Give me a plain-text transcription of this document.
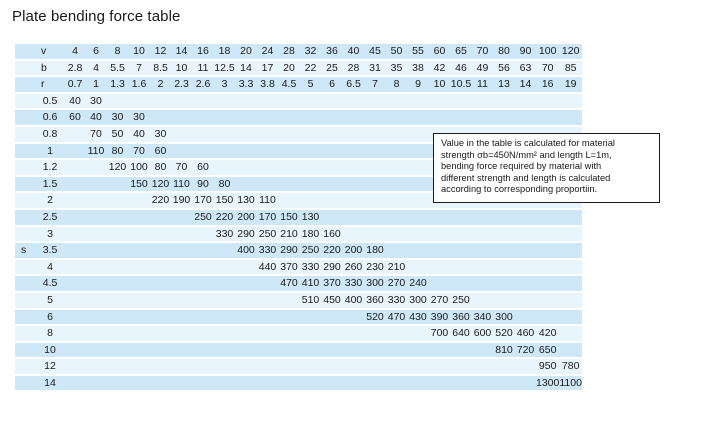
Plate bending force table
	v	4	6	8	10	12	14	16	18	20	24	28	32	36	40	45	50	55	60	65	70	80	90	100	120
	b	2.8	4	5.5	7	8.5	10	11	12.5	14	17	20	22	25	28	31	35	38	42	46	49	56	63	70	85
	r	0.7	1	1.3	1.6	2	2.3	2.6	3	3.3	3.8	4.5	5	6	6.5	7	8	9	10	10.5	11	13	14	16	19
	0.5	40	30																						
	0.6	60	40	30	30																				
	0.8		70	50	40	30																			
	1		110	80	70	60																			
	1.2			120	100	80	70	60																	
	1.5				150	120	110	90	80																
	2					220	190	170	150	130	110														
	2.5							250	220	200	170	150	130												
	3								330	290	250	210	180	160											
s	3.5									400	330	290	250	220	200	180									
	4										440	370	330	290	260	230	210								
	4.5											470	410	370	330	300	270	240							
	5												510	450	400	360	330	300	270	250					
	6															520	470	430	390	360	340	300			
	8																		700	640	600	520	460	420	
	10																					810	720	650	
	12																							950	780
	14																							1300	1100

Value in the table is calculated for material

strength σb=450N/mm² and length L=1m,

bending force required by material with

different strength and length is calculated

according to corresponding proportiin.
